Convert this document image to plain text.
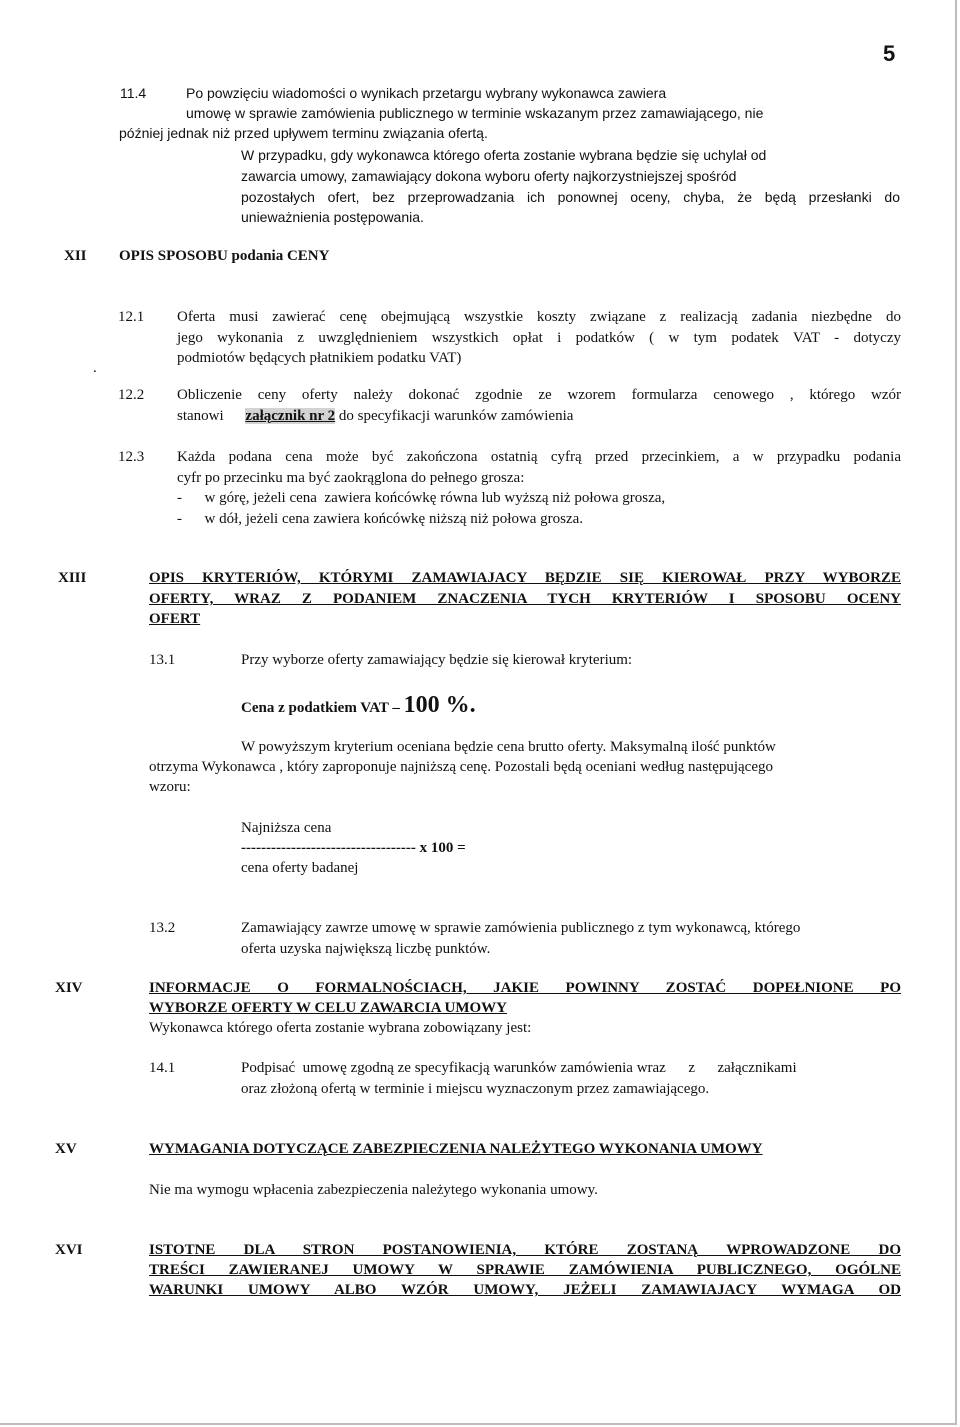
5
11.4	Po powzięciu wiadomości o wynikach przetargu wybrany wykonawca zawiera
umowę w sprawie zamówienia publicznego w terminie wskazanym przez zamawiającego, nie
później jednak niż przed upływem terminu związania ofertą.
W przypadku, gdy wykonawca którego oferta zostanie wybrana będzie się uchylał od
zawarcia umowy, zamawiający dokona wyboru oferty najkorzystniejszej spośród
pozostałych ofert, bez przeprowadzania ich ponownej oceny, chyba, że będą przesłanki do
unieważnienia postępowania.
XII OPIS SPOSOBU podania CENY
12.1 Oferta musi zawierać cenę obejmującą wszystkie koszty związane z realizacją zadania niezbędne do
jego wykonania z uwzględnieniem wszystkich opłat i podatków ( w tym podatek VAT - dotyczy
podmiotów będących płatnikiem podatku VAT)
.
12.2 Obliczenie ceny oferty należy dokonać zgodnie ze wzorem formularza cenowego , którego wzór
stanowi załącznik nr 2 do specyfikacji warunków zamówienia
12.3 Każda podana cena może być zakończona ostatnią cyfrą przed przecinkiem, a w przypadku podania
cyfr po przecinku ma być zaokrąglona do pełnego grosza:
-      w górę, jeżeli cena  zawiera końcówkę równa lub wyższą niż połowa grosza,
-      w dół, jeżeli cena zawiera końcówkę niższą niż połowa grosza.
XIII	OPIS KRYTERIÓW, KTÓRYMI ZAMAWIAJACY BĘDZIE SIĘ KIEROWAŁ PRZY WYBORZE
OFERTY, WRAZ Z PODANIEM ZNACZENIA TYCH KRYTERIÓW I SPOSOBU OCENY
OFERT
13.1	Przy wyborze oferty zamawiający będzie się kierował kryterium:
Cena z podatkiem VAT – 100 %.
W powyższym kryterium oceniana będzie cena brutto oferty. Maksymalną ilość punktów
otrzyma Wykonawca , który zaproponuje najniższą cenę. Pozostali będą oceniani według następującego
wzoru:
Najniższa cena
----------------------------------- x 100 =
cena oferty badanej
13.2	Zamawiający zawrze umowę w sprawie zamówienia publicznego z tym wykonawcą, którego
oferta uzyska największą liczbę punktów.
XIV	INFORMACJE O FORMALNOŚCIACH, JAKIE POWINNY ZOSTAĆ DOPEŁNIONE PO
WYBORZE OFERTY W CELU ZAWARCIA UMOWY
Wykonawca którego oferta zostanie wybrana zobowiązany jest:
14.1	Podpisać  umowę zgodną ze specyfikacją warunków zamówienia wraz      z      załącznikami
oraz złożoną ofertą w terminie i miejscu wyznaczonym przez zamawiającego.
XV	WYMAGANIA DOTYCZĄCE ZABEZPIECZENIA NALEŻYTEGO WYKONANIA UMOWY
Nie ma wymogu wpłacenia zabezpieczenia należytego wykonania umowy.
XVI	ISTOTNE DLA STRON POSTANOWIENIA, KTÓRE ZOSTANĄ WPROWADZONE DO
TREŚCI ZAWIERANEJ UMOWY W SPRAWIE ZAMÓWIENIA PUBLICZNEGO, OGÓLNE
WARUNKI UMOWY ALBO WZÓR UMOWY, JEŻELI ZAMAWIAJACY WYMAGA OD
